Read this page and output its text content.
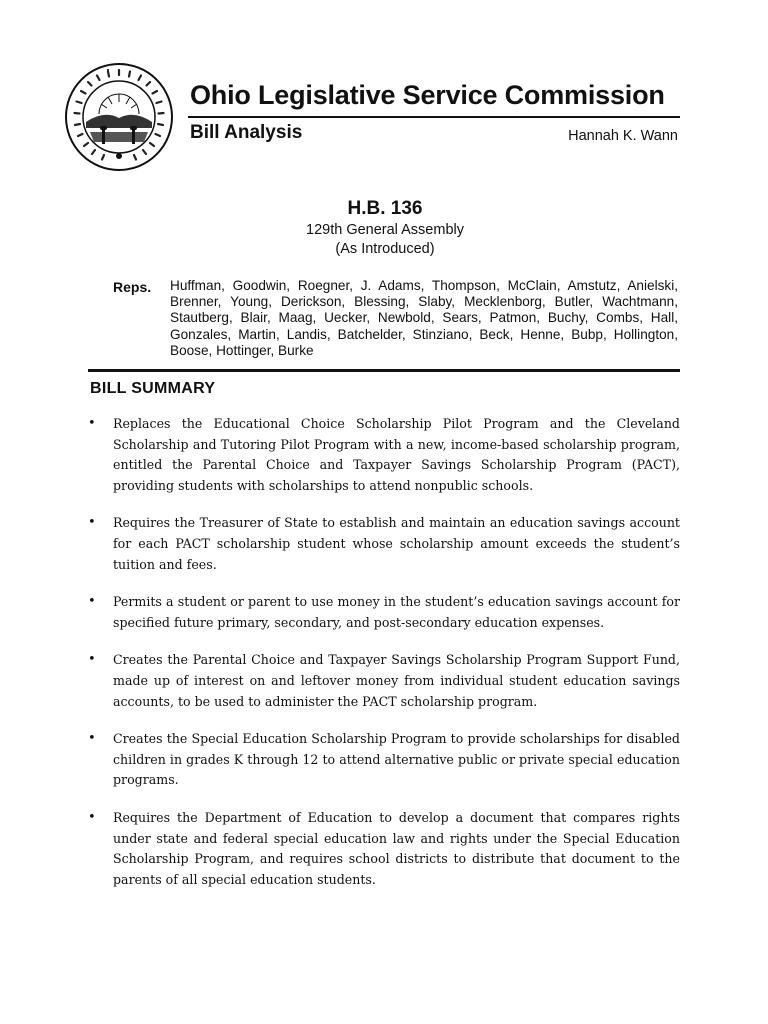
Ohio Legislative Service Commission
Bill Analysis	Hannah K. Wann
H.B. 136
129th General Assembly
(As Introduced)
Reps. Huffman, Goodwin, Roegner, J. Adams, Thompson, McClain, Amstutz, Anielski, Brenner, Young, Derickson, Blessing, Slaby, Mecklenborg, Butler, Wachtmann, Stautberg, Blair, Maag, Uecker, Newbold, Sears, Patmon, Buchy, Combs, Hall, Gonzales, Martin, Landis, Batchelder, Stinziano, Beck, Henne, Bubp, Hollington, Boose, Hottinger, Burke
BILL SUMMARY
•	Replaces the Educational Choice Scholarship Pilot Program and the Cleveland Scholarship and Tutoring Pilot Program with a new, income-based scholarship program, entitled the Parental Choice and Taxpayer Savings Scholarship Program (PACT), providing students with scholarships to attend nonpublic schools.
•	Requires the Treasurer of State to establish and maintain an education savings account for each PACT scholarship student whose scholarship amount exceeds the student’s tuition and fees.
•	Permits a student or parent to use money in the student’s education savings account for specified future primary, secondary, and post-secondary education expenses.
•	Creates the Parental Choice and Taxpayer Savings Scholarship Program Support Fund, made up of interest on and leftover money from individual student education savings accounts, to be used to administer the PACT scholarship program.
•	Creates the Special Education Scholarship Program to provide scholarships for disabled children in grades K through 12 to attend alternative public or private special education programs.
•	Requires the Department of Education to develop a document that compares rights under state and federal special education law and rights under the Special Education Scholarship Program, and requires school districts to distribute that document to the parents of all special education students.
